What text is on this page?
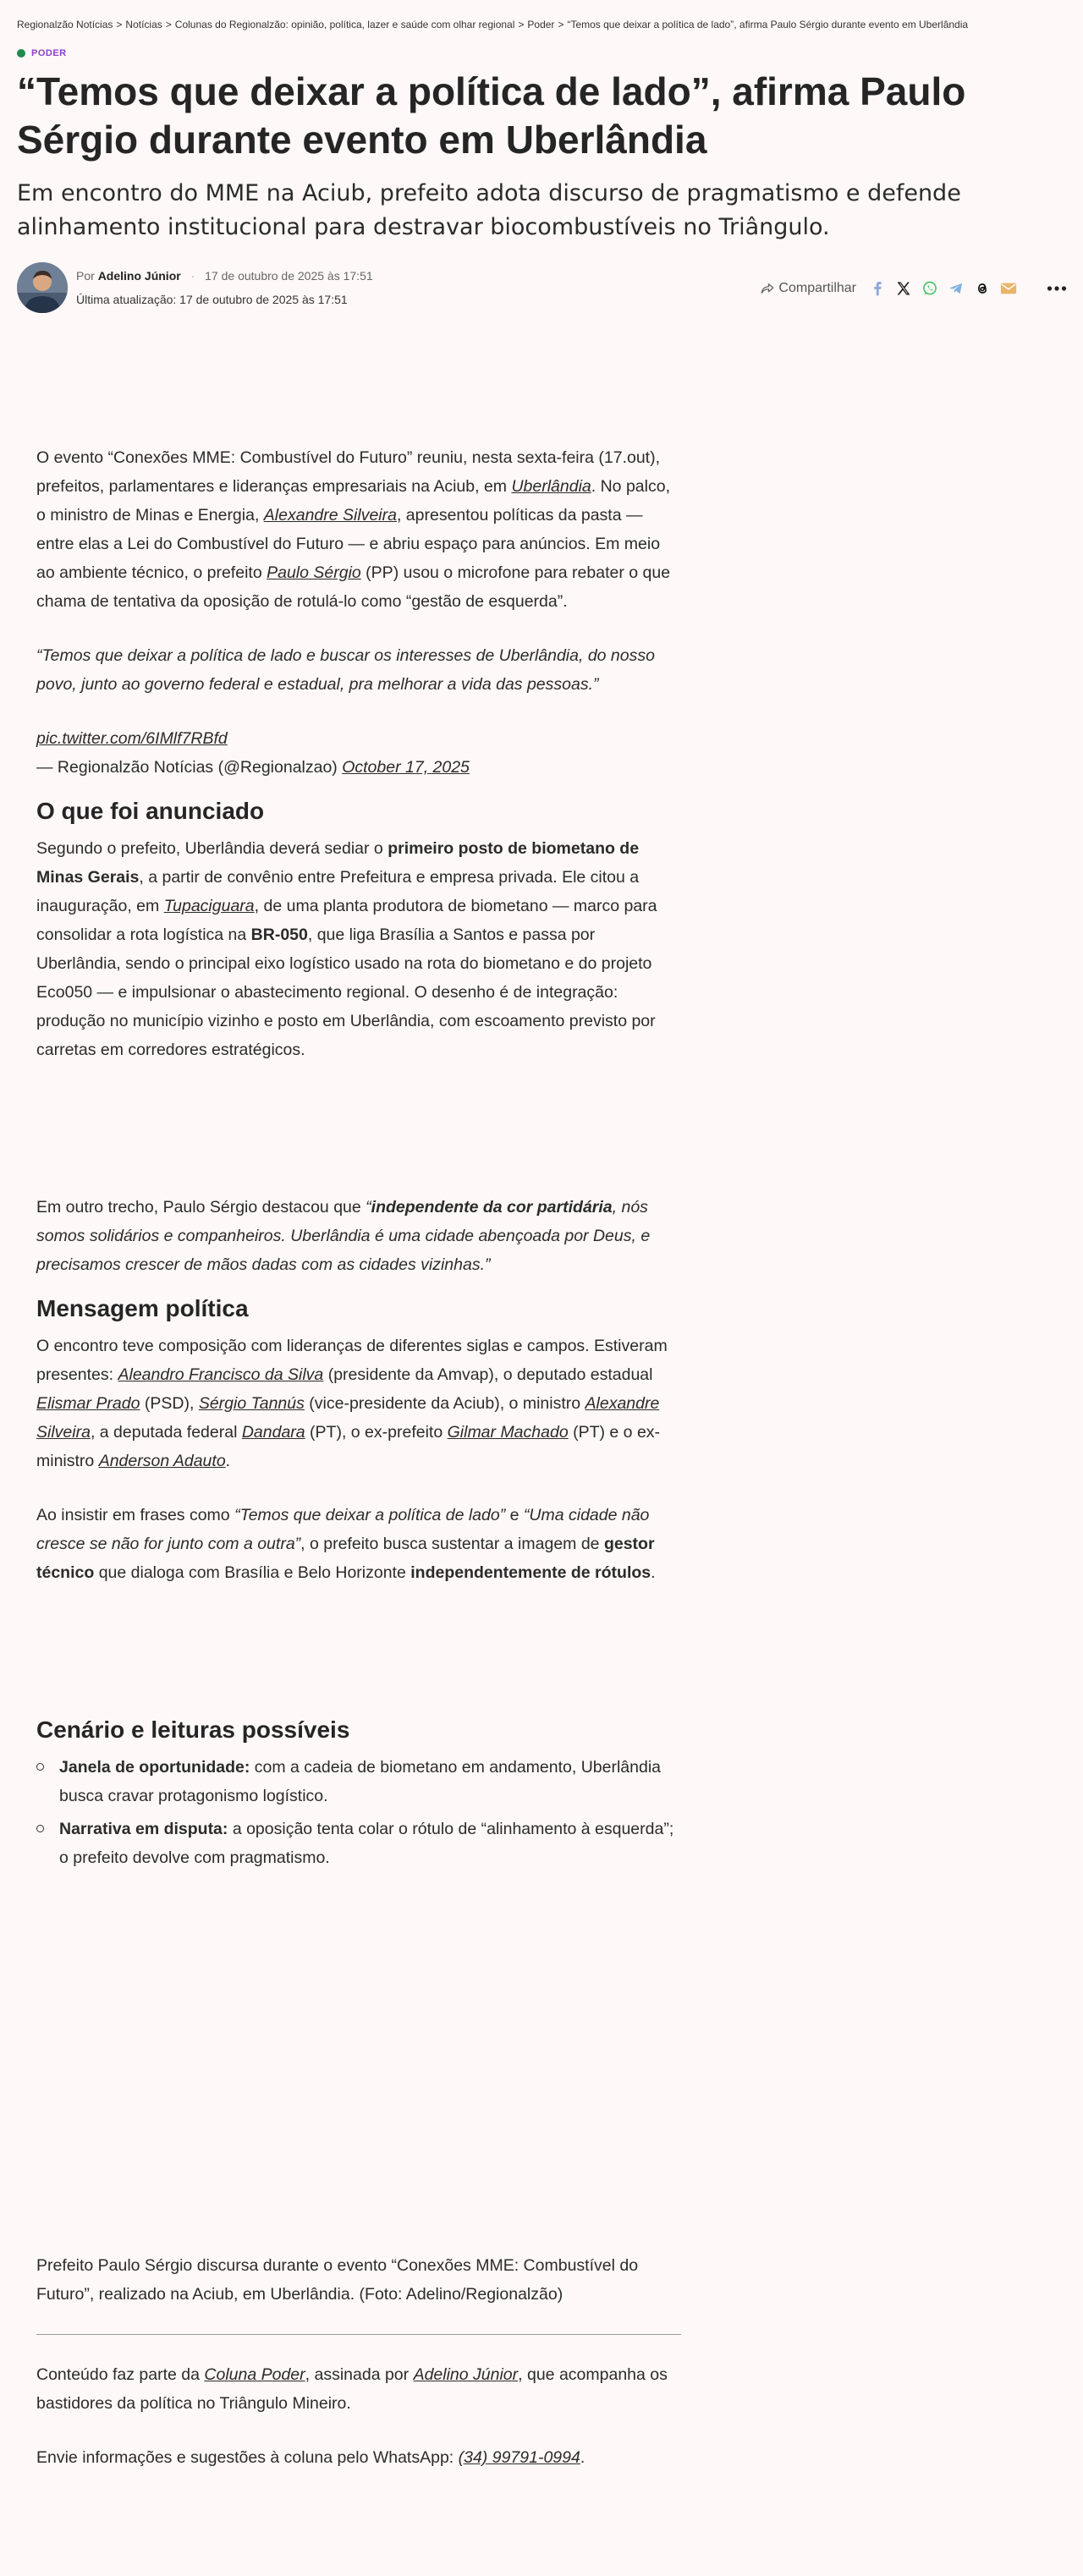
Regionalzão Notícias > Notícias > Colunas do Regionalzão: opinião, política, lazer e saúde com olhar regional > Poder > “Temos que deixar a política de lado”, afirma Paulo Sérgio durante evento em Uberlândia
PODER
“Temos que deixar a política de lado”, afirma Paulo Sérgio durante evento em Uberlândia

Em encontro do MME na Aciub, prefeito adota discurso de pragmatismo e defende alinhamento institucional para destravar biocombustíveis no Triângulo.

Por Adelino Júnior · 17 de outubro de 2025 às 17:51
Última atualização: 17 de outubro de 2025 às 17:51
Compartilhar

O evento “Conexões MME: Combustível do Futuro” reuniu, nesta sexta-feira (17.out), prefeitos, parlamentares e lideranças empresariais na Aciub, em Uberlândia. No palco, o ministro de Minas e Energia, Alexandre Silveira, apresentou políticas da pasta — entre elas a Lei do Combustível do Futuro — e abriu espaço para anúncios. Em meio ao ambiente técnico, o prefeito Paulo Sérgio (PP) usou o microfone para rebater o que chama de tentativa da oposição de rotulá-lo como “gestão de esquerda”.

“Temos que deixar a política de lado e buscar os interesses de Uberlândia, do nosso povo, junto ao governo federal e estadual, pra melhorar a vida das pessoas.”

pic.twitter.com/6IMlf7RBfd
— Regionalzão Notícias (@Regionalzao) October 17, 2025
O que foi anunciado

Segundo o prefeito, Uberlândia deverá sediar o primeiro posto de biometano de Minas Gerais, a partir de convênio entre Prefeitura e empresa privada. Ele citou a inauguração, em Tupaciguara, de uma planta produtora de biometano — marco para consolidar a rota logística na BR-050, que liga Brasília a Santos e passa por Uberlândia, sendo o principal eixo logístico usado na rota do biometano e do projeto Eco050 — e impulsionar o abastecimento regional. O desenho é de integração: produção no município vizinho e posto em Uberlândia, com escoamento previsto por carretas em corredores estratégicos.

Em outro trecho, Paulo Sérgio destacou que “independente da cor partidária, nós somos solidários e companheiros. Uberlândia é uma cidade abençoada por Deus, e precisamos crescer de mãos dadas com as cidades vizinhas.”

Mensagem política

O encontro teve composição com lideranças de diferentes siglas e campos. Estiveram presentes: Aleandro Francisco da Silva (presidente da Amvap), o deputado estadual Elismar Prado (PSD), Sérgio Tannús (vice-presidente da Aciub), o ministro Alexandre Silveira, a deputada federal Dandara (PT), o ex-prefeito Gilmar Machado (PT) e o ex-ministro Anderson Adauto.

Ao insistir em frases como “Temos que deixar a política de lado” e “Uma cidade não cresce se não for junto com a outra”, o prefeito busca sustentar a imagem de gestor técnico que dialoga com Brasília e Belo Horizonte independentemente de rótulos.

Cenário e leituras possíveis
Janela de oportunidade: com a cadeia de biometano em andamento, Uberlândia busca cravar protagonismo logístico.
Narrativa em disputa: a oposição tenta colar o rótulo de “alinhamento à esquerda”; o prefeito devolve com pragmatismo.

Prefeito Paulo Sérgio discursa durante o evento “Conexões MME: Combustível do Futuro”, realizado na Aciub, em Uberlândia. (Foto: Adelino/Regionalzão)

Conteúdo faz parte da Coluna Poder, assinada por Adelino Júnior, que acompanha os bastidores da política no Triângulo Mineiro.

Envie informações e sugestões à coluna pelo WhatsApp: (34) 99791-0994.
